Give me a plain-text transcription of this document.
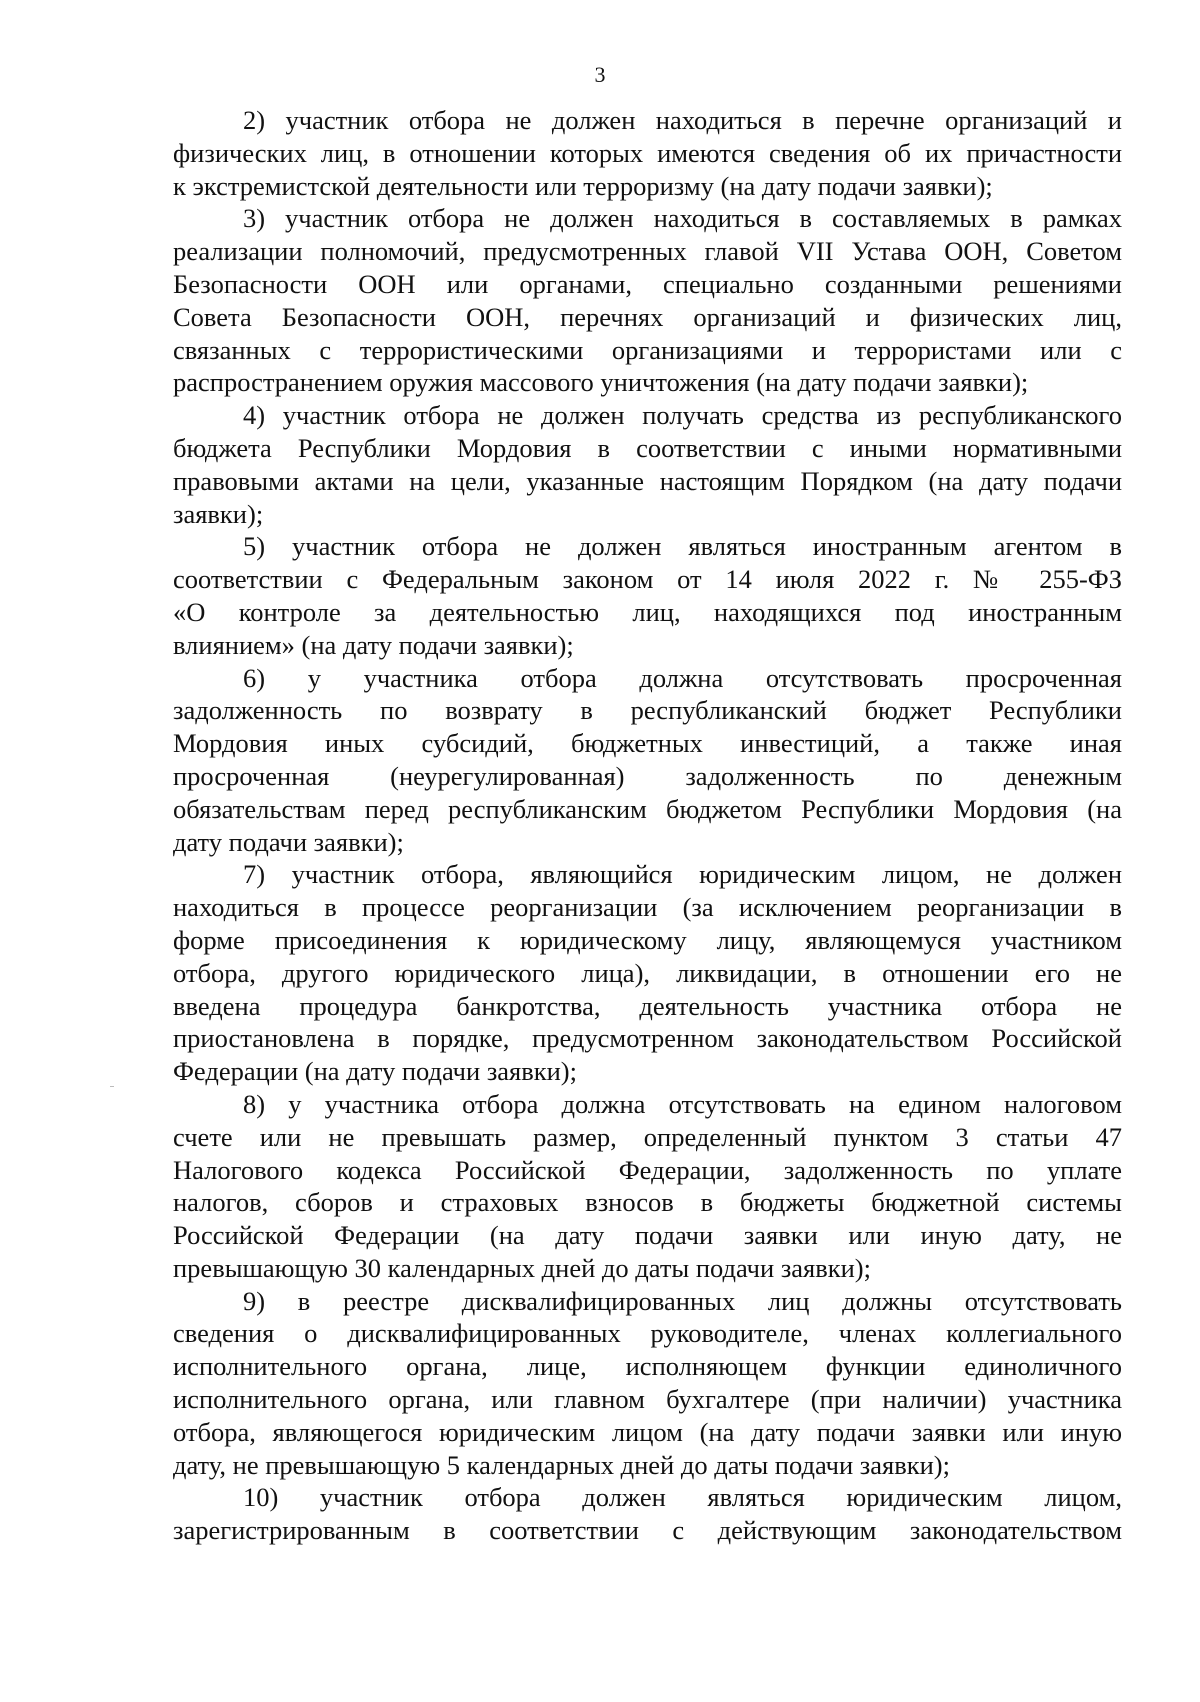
3
2) участник отбора не должен находиться в перечне организаций и
физических лиц, в отношении которых имеются сведения об их причастности
к экстремистской деятельности или терроризму (на дату подачи заявки);
3) участник отбора не должен находиться в составляемых в рамках
реализации полномочий, предусмотренных главой VII Устава ООН, Советом
Безопасности ООН или органами, специально созданными решениями
Совета Безопасности ООН, перечнях организаций и физических лиц,
связанных с террористическими организациями и террористами или с
распространением оружия массового уничтожения (на дату подачи заявки);
4) участник отбора не должен получать средства из республиканского
бюджета Республики Мордовия в соответствии с иными нормативными
правовыми актами на цели, указанные настоящим Порядком (на дату подачи
заявки);
5) участник отбора не должен являться иностранным агентом в
соответствии с Федеральным законом от 14 июля 2022 г. № 255-ФЗ
«О контроле за деятельностью лиц, находящихся под иностранным
влиянием» (на дату подачи заявки);
6) у участника отбора должна отсутствовать просроченная
задолженность по возврату в республиканский бюджет Республики
Мордовия иных субсидий, бюджетных инвестиций, а также иная
просроченная (неурегулированная) задолженность по денежным
обязательствам перед республиканским бюджетом Республики Мордовия (на
дату подачи заявки);
7) участник отбора, являющийся юридическим лицом, не должен
находиться в процессе реорганизации (за исключением реорганизации в
форме присоединения к юридическому лицу, являющемуся участником
отбора, другого юридического лица), ликвидации, в отношении его не
введена процедура банкротства, деятельность участника отбора не
приостановлена в порядке, предусмотренном законодательством Российской
Федерации (на дату подачи заявки);
8) у участника отбора должна отсутствовать на едином налоговом
счете или не превышать размер, определенный пунктом 3 статьи 47
Налогового кодекса Российской Федерации, задолженность по уплате
налогов, сборов и страховых взносов в бюджеты бюджетной системы
Российской Федерации (на дату подачи заявки или иную дату, не
превышающую 30 календарных дней до даты подачи заявки);
9) в реестре дисквалифицированных лиц должны отсутствовать
сведения о дисквалифицированных руководителе, членах коллегиального
исполнительного органа, лице, исполняющем функции единоличного
исполнительного органа, или главном бухгалтере (при наличии) участника
отбора, являющегося юридическим лицом (на дату подачи заявки или иную
дату, не превышающую 5 календарных дней до даты подачи заявки);
10) участник отбора должен являться юридическим лицом,
зарегистрированным в соответствии с действующим законодательством
